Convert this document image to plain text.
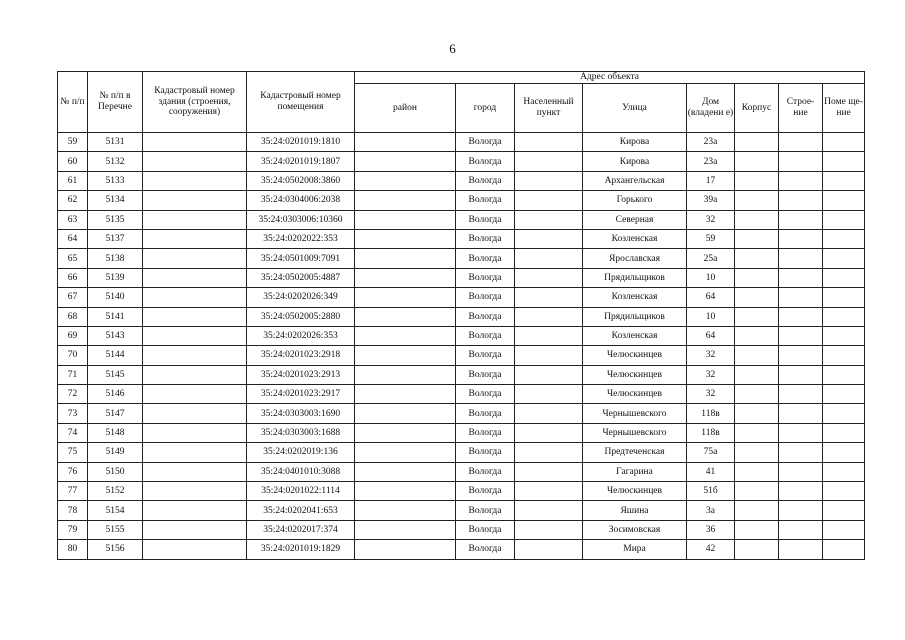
6
№ п/п	№ п/п в Перечне	Кадастровый номер здания (строения, сооружения)	Кадастровый номер помещения	Адрес объекта							
				район	город	Населенный пункт	Улица	Дом (владени е)	Корпус	Строе- ние	Поме ще- ние
59	5131		35:24:0201019:1810		Вологда		Кирова	23а			
60	5132		35:24:0201019:1807		Вологда		Кирова	23а			
61	5133		35:24:0502008:3860		Вологда		Архангельская	17			
62	5134		35:24:0304006:2038		Вологда		Горького	39а			
63	5135		35:24:0303006:10360		Вологда		Северная	32			
64	5137		35:24:0202022:353		Вологда		Козленская	59			
65	5138		35:24:0501009:7091		Вологда		Ярославская	25а			
66	5139		35:24:0502005:4887		Вологда		Прядильщиков	10			
67	5140		35:24:0202026:349		Вологда		Козленская	64			
68	5141		35:24:0502005:2880		Вологда		Прядильщиков	10			
69	5143		35:24:0202026:353		Вологда		Козленская	64			
70	5144		35:24:0201023:2918		Вологда		Челюскинцев	32			
71	5145		35:24:0201023:2913		Вологда		Челюскинцев	32			
72	5146		35:24:0201023:2917		Вологда		Челюскинцев	32			
73	5147		35:24:0303003:1690		Вологда		Чернышевского	118в			
74	5148		35:24:0303003:1688		Вологда		Чернышевского	118в			
75	5149		35:24:0202019:136		Вологда		Предтеченская	75а			
76	5150		35:24:0401010:3088		Вологда		Гагарина	41			
77	5152		35:24:0201022:1114		Вологда		Челюскинцев	51б			
78	5154		35:24:0202041:653		Вологда		Яшина	3а			
79	5155		35:24:0202017:374		Вологда		Зосимовская	36			
80	5156		35:24:0201019:1829		Вологда		Мира	42			
